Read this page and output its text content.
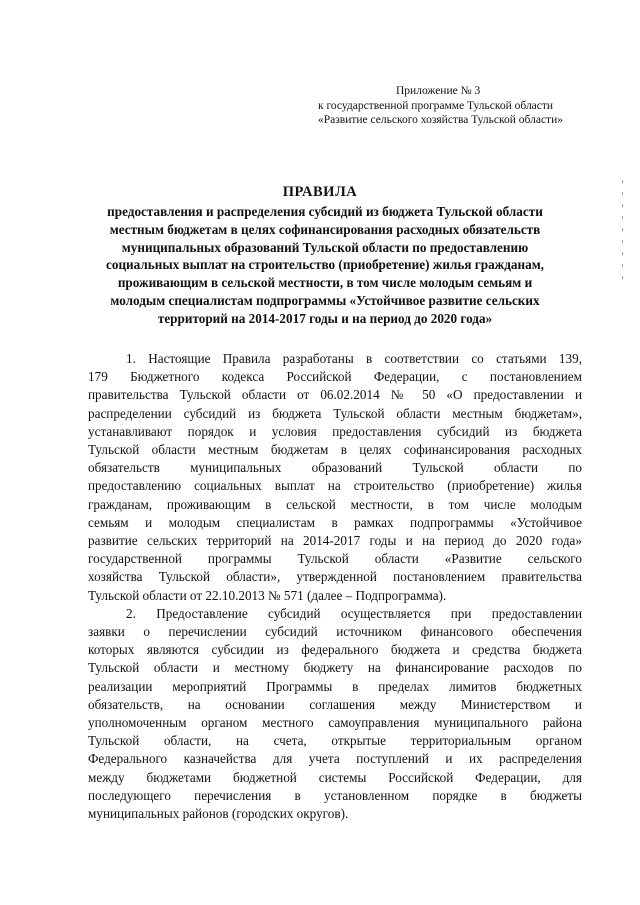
Приложение № 3
к государственной программе Тульской области
«Развитие сельского хозяйства Тульской области»
ПРАВИЛА
предоставления и распределения субсидий из бюджета Тульской области
местным бюджетам в целях софинансирования расходных обязательств
муниципальных образований Тульской области по предоставлению
социальных выплат на строительство (приобретение) жилья гражданам,
проживающим в сельской местности, в том числе молодым семьям и
молодым специалистам подпрограммы «Устойчивое развитие сельских
территорий на 2014-2017 годы и на период до 2020 года»
1. Настоящие Правила разработаны в соответствии со статьями 139,
179 Бюджетного кодекса Российской Федерации, с постановлением
правительства Тульской области от 06.02.2014 № 50 «О предоставлении и
распределении субсидий из бюджета Тульской области местным бюджетам»,
устанавливают порядок и условия предоставления субсидий из бюджета
Тульской области местным бюджетам в целях софинансирования расходных
обязательств муниципальных образований Тульской области по
предоставлению социальных выплат на строительство (приобретение) жилья
гражданам, проживающим в сельской местности, в том числе молодым
семьям и молодым специалистам в рамках подпрограммы «Устойчивое
развитие сельских территорий на 2014-2017 годы и на период до 2020 года»
государственной программы Тульской области «Развитие сельского
хозяйства Тульской области», утвержденной постановлением правительства
Тульской области от 22.10.2013 № 571 (далее – Подпрограмма).
2. Предоставление субсидий осуществляется при предоставлении
заявки о перечислении субсидий источником финансового обеспечения
которых являются субсидии из федерального бюджета и средства бюджета
Тульской области и местному бюджету на финансирование расходов по
реализации мероприятий Программы в пределах лимитов бюджетных
обязательств, на основании соглашения между Министерством и
уполномоченным органом местного самоуправления муниципального района
Тульской области, на счета, открытые территориальным органом
Федерального казначейства для учета поступлений и их распределения
между бюджетами бюджетной системы Российской Федерации, для
последующего перечисления в установленном порядке в бюджеты
муниципальных районов (городских округов).
